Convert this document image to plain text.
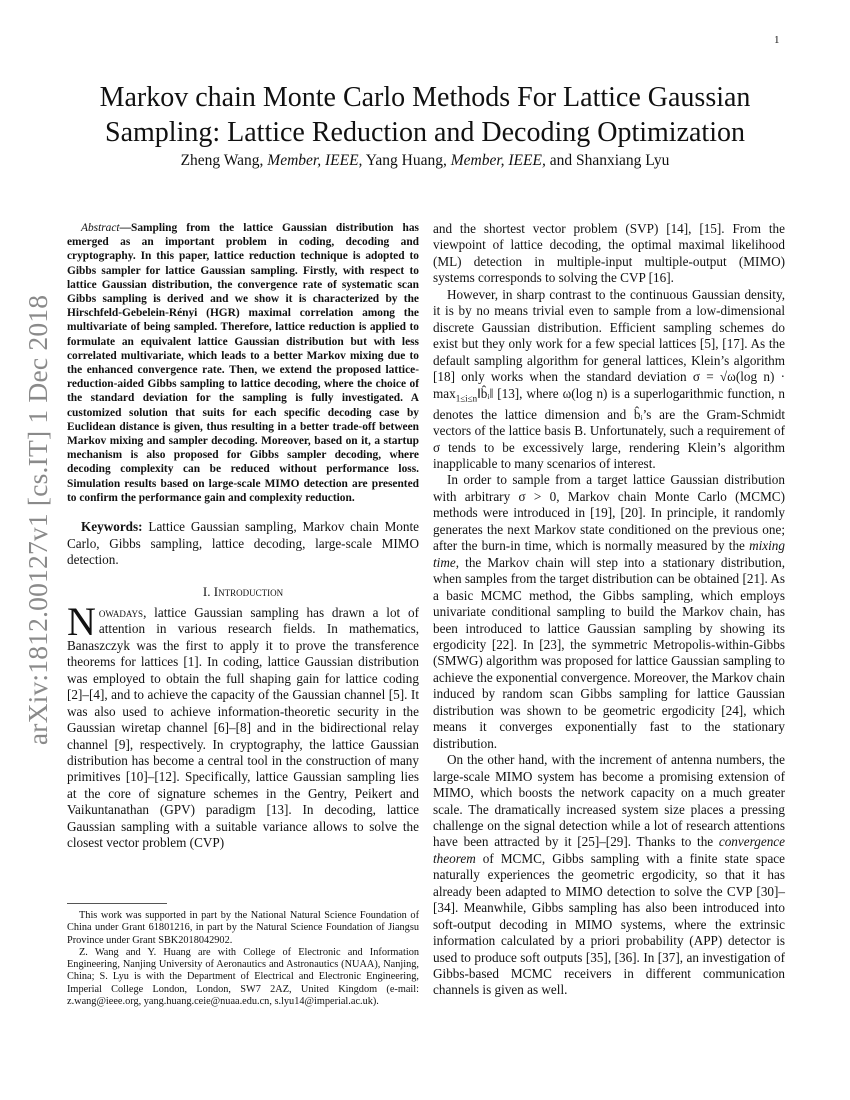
1
arXiv:1812.00127v1 [cs.IT] 1 Dec 2018
Markov chain Monte Carlo Methods For Lattice Gaussian
Sampling: Lattice Reduction and Decoding Optimization
Zheng Wang, Member, IEEE, Yang Huang, Member, IEEE, and Shanxiang Lyu

Abstract—Sampling from the lattice Gaussian distribution has emerged as an important problem in coding, decoding and cryptography. In this paper, lattice reduction technique is adopted to Gibbs sampler for lattice Gaussian sampling. Firstly, with respect to lattice Gaussian distribution, the convergence rate of systematic scan Gibbs sampling is derived and we show it is characterized by the Hirschfeld-Gebelein-Rényi (HGR) maximal correlation among the multivariate of being sampled. Therefore, lattice reduction is applied to formulate an equivalent lattice Gaussian distribution but with less correlated multivariate, which leads to a better Markov mixing due to the enhanced convergence rate. Then, we extend the proposed lattice-reduction-aided Gibbs sampling to lattice decoding, where the choice of the standard deviation for the sampling is fully investigated. A customized solution that suits for each specific decoding case by Euclidean distance is given, thus resulting in a better trade-off between Markov mixing and sampler decoding. Moreover, based on it, a startup mechanism is also proposed for Gibbs sampler decoding, where decoding complexity can be reduced without performance loss. Simulation results based on large-scale MIMO detection are presented to confirm the performance gain and complexity reduction.

Keywords: Lattice Gaussian sampling, Markov chain Monte Carlo, Gibbs sampling, lattice decoding, large-scale MIMO detection.

I. Introduction

Nowadays, lattice Gaussian sampling has drawn a lot of attention in various research fields. In mathematics, Banaszczyk was the first to apply it to prove the transference theorems for lattices [1]. In coding, lattice Gaussian distribution was employed to obtain the full shaping gain for lattice coding [2]–[4], and to achieve the capacity of the Gaussian channel [5]. It was also used to achieve information-theoretic security in the Gaussian wiretap channel [6]–[8] and in the bidirectional relay channel [9], respectively. In cryptography, the lattice Gaussian distribution has become a central tool in the construction of many primitives [10]–[12]. Specifically, lattice Gaussian sampling lies at the core of signature schemes in the Gentry, Peikert and Vaikuntanathan (GPV) paradigm [13]. In decoding, lattice Gaussian sampling with a suitable variance allows to solve the closest vector problem (CVP)

This work was supported in part by the National Natural Science Foundation of China under Grant 61801216, in part by the Natural Science Foundation of Jiangsu Province under Grant SBK2018042902.

Z. Wang and Y. Huang are with College of Electronic and Information Engineering, Nanjing University of Aeronautics and Astronautics (NUAA), Nanjing, China; S. Lyu is with the Department of Electrical and Electronic Engineering, Imperial College London, London, SW7 2AZ, United Kingdom (e-mail: z.wang@ieee.org, yang.huang.ceie@nuaa.edu.cn, s.lyu14@imperial.ac.uk).

and the shortest vector problem (SVP) [14], [15]. From the viewpoint of lattice decoding, the optimal maximal likelihood (ML) detection in multiple-input multiple-output (MIMO) systems corresponds to solving the CVP [16].

However, in sharp contrast to the continuous Gaussian density, it is by no means trivial even to sample from a low-dimensional discrete Gaussian distribution. Efficient sampling schemes do exist but they only work for a few special lattices [5], [17]. As the default sampling algorithm for general lattices, Klein’s algorithm [18] only works when the standard deviation σ = √ω(log $n) \cdot \max_{1\le i\le n}‖b̂ᵢ‖$ [13], where ω(log n) is a superlogarithmic function, n denotes the lattice dimension and b̂ᵢ’s are the Gram-Schmidt vectors of the lattice basis B. Unfortunately, such a requirement of σ tends to be excessively large, rendering Klein’s algorithm inapplicable to many scenarios of interest.

In order to sample from a target lattice Gaussian distribution with arbitrary σ > 0, Markov chain Monte Carlo (MCMC) methods were introduced in [19], [20]. In principle, it randomly generates the next Markov state conditioned on the previous one; after the burn-in time, which is normally measured by the mixing time, the Markov chain will step into a stationary distribution, when samples from the target distribution can be obtained [21]. As a basic MCMC method, the Gibbs sampling, which employs univariate conditional sampling to build the Markov chain, has been introduced to lattice Gaussian sampling by showing its ergodicity [22]. In [23], the symmetric Metropolis-within-Gibbs (SMWG) algorithm was proposed for lattice Gaussian sampling to achieve the exponential convergence. Moreover, the Markov chain induced by random scan Gibbs sampling for lattice Gaussian distribution was shown to be geometric ergodicity [24], which means it converges exponentially fast to the stationary distribution.

On the other hand, with the increment of antenna numbers, the large-scale MIMO system has become a promising extension of MIMO, which boosts the network capacity on a much greater scale. The dramatically increased system size places a pressing challenge on the signal detection while a lot of research attentions have been attracted by it [25]–[29]. Thanks to the convergence theorem of MCMC, Gibbs sampling with a finite state space naturally experiences the geometric ergodicity, so that it has already been adapted to MIMO detection to solve the CVP [30]–[34]. Meanwhile, Gibbs sampling has also been introduced into soft-output decoding in MIMO systems, where the extrinsic information calculated by a priori probability (APP) detector is used to produce soft outputs [35], [36]. In [37], an investigation of Gibbs-based MCMC receivers in different communication channels is given as well.
